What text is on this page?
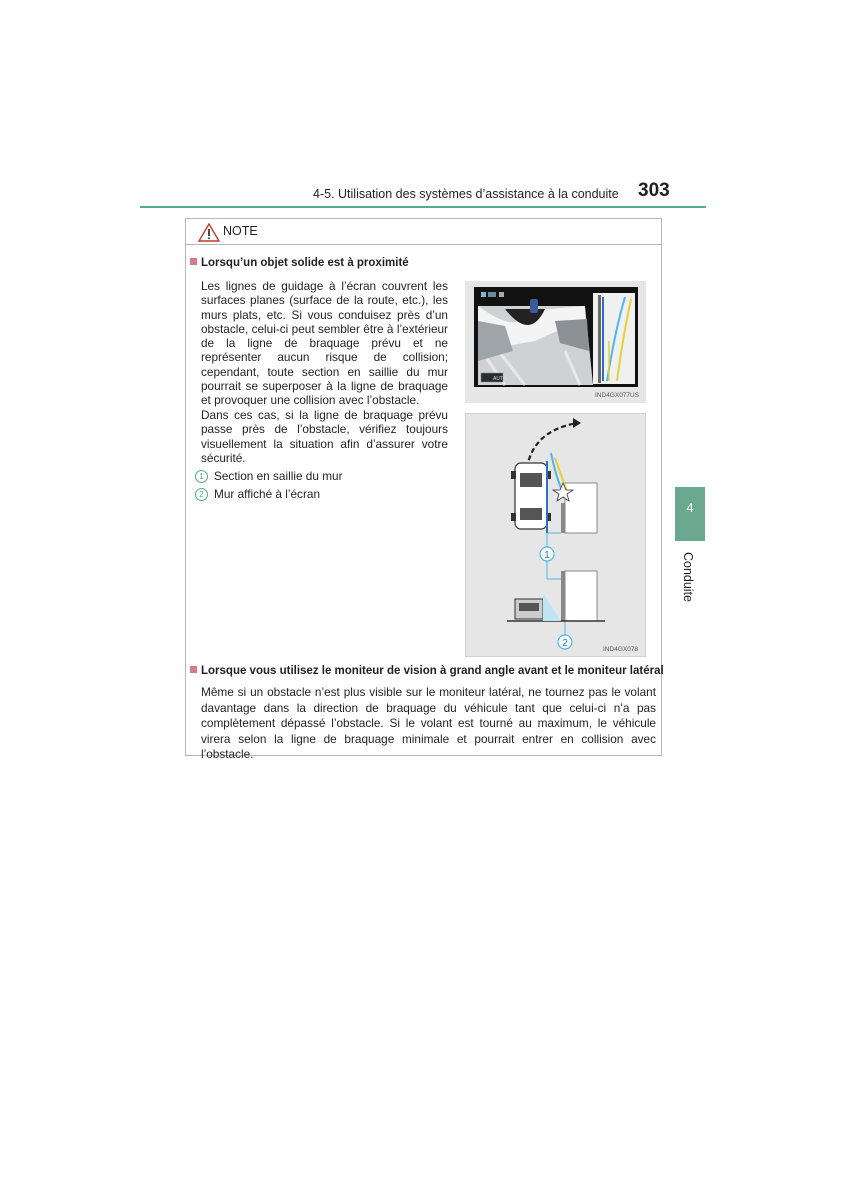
4-5. Utilisation des systèmes d’assistance à la conduite 303
4
Conduite
NOTE
Lorsqu’un objet solide est à proximité
Les lignes de guidage à l’écran couvrent les surfaces planes (surface de la route, etc.), les murs plats, etc. Si vous conduisez près d’un obstacle, celui-ci peut sembler être à l’extérieur de la ligne de braquage prévu et ne représenter aucun risque de collision; cependant, toute section en saillie du mur pourrait se superposer à la ligne de braquage et provoquer une collision avec l’obstacle.
Dans ces cas, si la ligne de braquage prévu passe près de l’obstacle, vérifiez toujours visuellement la situation afin d’assurer votre sécurité.
1 Section en saillie du mur
2 Mur affiché à l’écran
AUTO
IND4GX077US
1
2
IND4GX078
Lorsque vous utilisez le moniteur de vision à grand angle avant et le moniteur latéral
Même si un obstacle n’est plus visible sur le moniteur latéral, ne tournez pas le volant davantage dans la direction de braquage du véhicule tant que celui-ci n’a pas complètement dépassé l’obstacle. Si le volant est tourné au maximum, le véhicule virera selon la ligne de braquage minimale et pourrait entrer en collision avec l’obstacle.
